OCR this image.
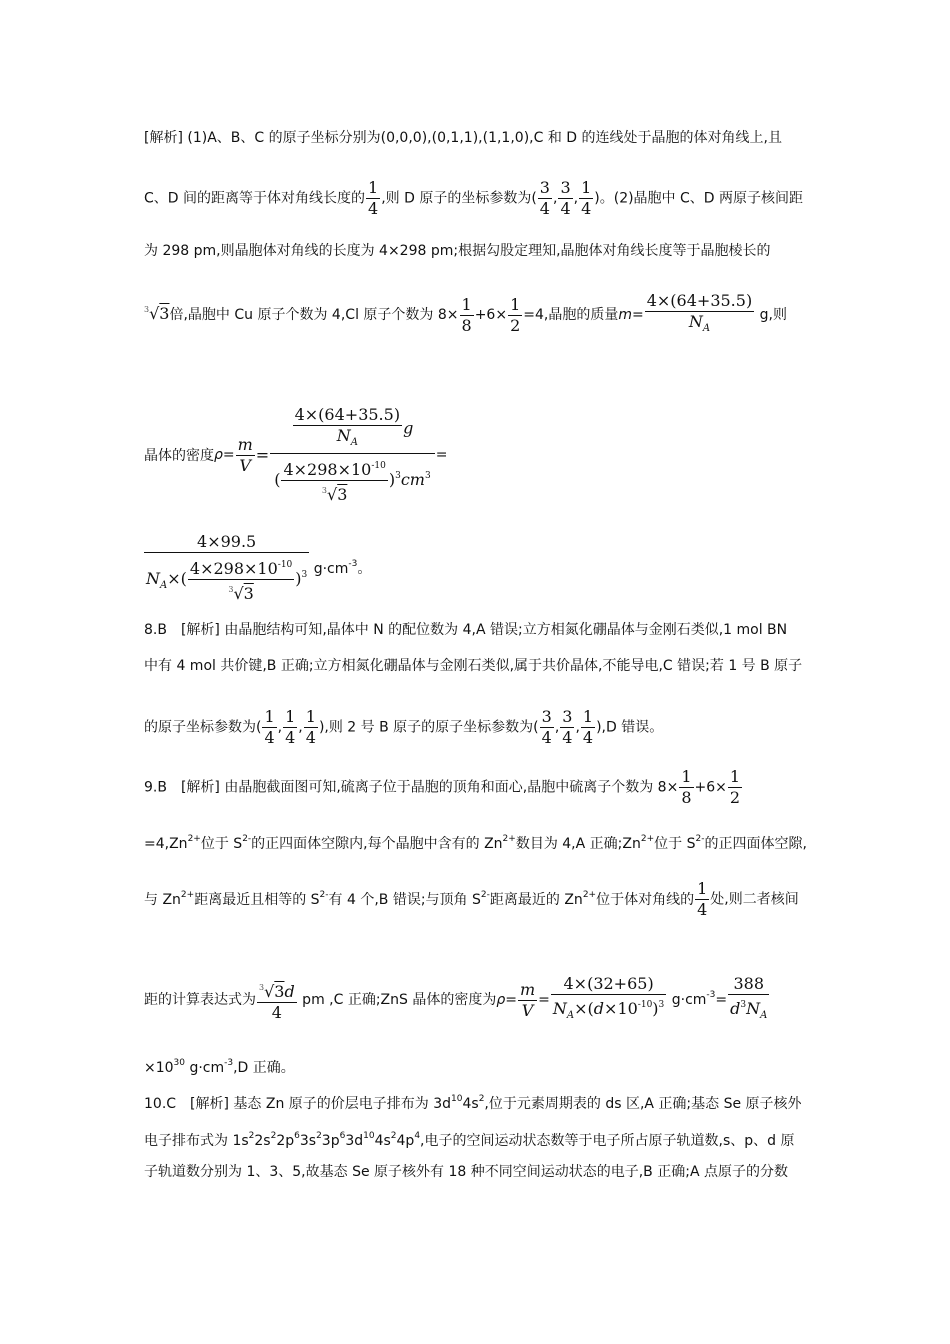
[解析] (1)A、B、C 的原子坐标分别为(0,0,0),(0,1,1),(1,1,0),C 和 D 的连线处于晶胞的体对角线上,且
C、D 间的距离等于体对角线长度的 $\frac{1}{4}$ ,则 D 原子的坐标参数为( $\frac{3}{4}$ , $\frac{3}{4}$ , $\frac{1}{4}$ )。(2)晶胞中 C、D 两原子核间距
为 298 pm,则晶胞体对角线的长度为 4×298 pm;根据勾股定理知,晶胞体对角线长度等于晶胞棱长的
$^3$√3倍,晶胞中 Cu 原子个数为 4,Cl 原子个数为 $8\times \frac{1}{8} +6\times \frac{1}{2} =4$,晶胞的质量$m= \frac{4\times(64+35.5)}{N_A} g$,则
晶体的密度$\rho= \frac{m}{V}$ =
$\frac{4\times(64+35.5)}{N_A}$ g
( $\frac{4\times 298\times 10^{-10}}{^3√3} )^3cm^3$
=
$\frac{4\times 99.5}{N_A\times( \frac{4\times 298\times 10^{-10}}{^3√3} )^3} g\cdot cm^{-3}$。
8.B　[解析] 由晶胞结构可知,晶体中 N 的配位数为 4,A 错误;立方相氮化硼晶体与金刚石类似,1 mol BN
中有 4 mol 共价键,B 正确;立方相氮化硼晶体与金刚石类似,属于共价晶体,不能导电,C 错误;若 1 号 B 原子
的原子坐标参数为( $\frac{1}{4}$ , $\frac{1}{4}$ , $\frac{1}{4}$ ),则 2 号 B 原子的原子坐标参数为( $\frac{3}{4}$ , $\frac{3}{4}$ , $\frac{1}{4} ),D$ 错误。
9.B　[解析] 由晶胞截面图可知,硫离子位于晶胞的顶角和面心,晶胞中硫离子个数为 $8\times \frac{1}{8} +6\times \frac{1}{2}$
$=4,Zn^{2+}$位于 $S^{2-}$的正四面体空隙内,每个晶胞中含有的 $Zn^{2+}$数目为 4,A 正确$;Zn^{2+}$位于 $S^{2-}$的正四面体空隙,
与 $Zn^{2+}$距离最近且相等的 $S^{2-}$有 4 个,B 错误;与顶角 $S^{2-}$距离最近的 $Zn^{2+}$位于体对角线的 $\frac{1}{4}$ 处,则二者核间
距的计算表达式为 $\frac{^3√3d}{4}$ pm ,C 正确;ZnS 晶体的密度为$\rho= \frac{m}{V} = \frac{4\times(32+65)}{N_A\times(d\times 10^{-10})^3} g\cdot cm^{-3}= \frac{388}{d^3N_A}$
$\times 10^{30}$ $g\cdot cm^{-3},D$ 正确。
10.C　[解析] 基态 Zn 原子的价层电子排布为 $3d^{10}4s^2$,位于元素周期表的 ds 区,A 正确;基态 Se 原子核外
电子排布式为 $1s^22s^22p^63s^23p^63d^{10}4s^24p^4$,电子的空间运动状态数等于电子所占原子轨道数,s、p、d 原
子轨道数分别为 1、3、5,故基态 Se 原子核外有 18 种不同空间运动状态的电子,B 正确;A 点原子的分数
